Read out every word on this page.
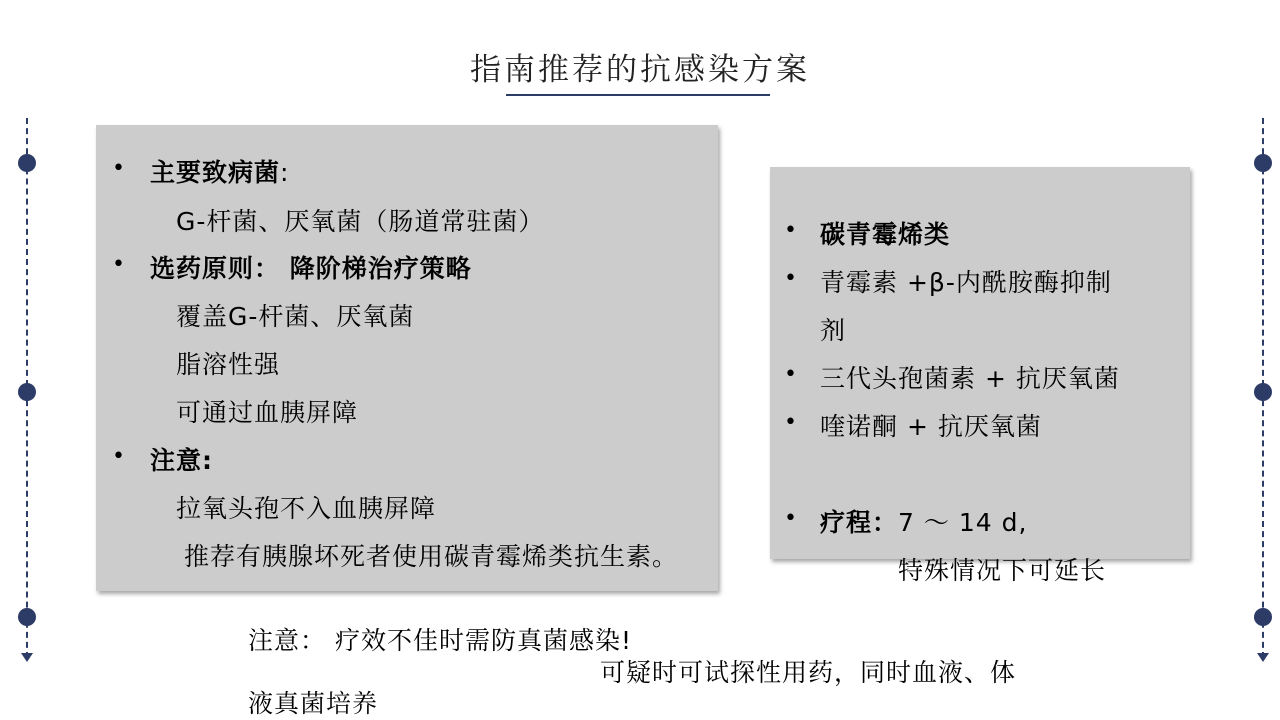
指南推荐的抗感染方案
• 主要致病菌:
G-杆菌、厌氧菌（肠道常驻菌）
• 选药原则： 降阶梯治疗策略
覆盖G-杆菌、厌氧菌
脂溶性强
可通过血胰屏障
• 注意:
拉氧头孢不入血胰屏障
推荐有胰腺坏死者使用碳青霉烯类抗生素。
• 碳青霉烯类
• 青霉素 +β-内酰胺酶抑制
剂
• 三代头孢菌素 + 抗厌氧菌
• 喹诺酮 + 抗厌氧菌
• 疗程：7 ～ 14 d,
特殊情况下可延长
注意： 疗效不佳时需防真菌感染!
可疑时可试探性用药，同时血液、体
液真菌培养
